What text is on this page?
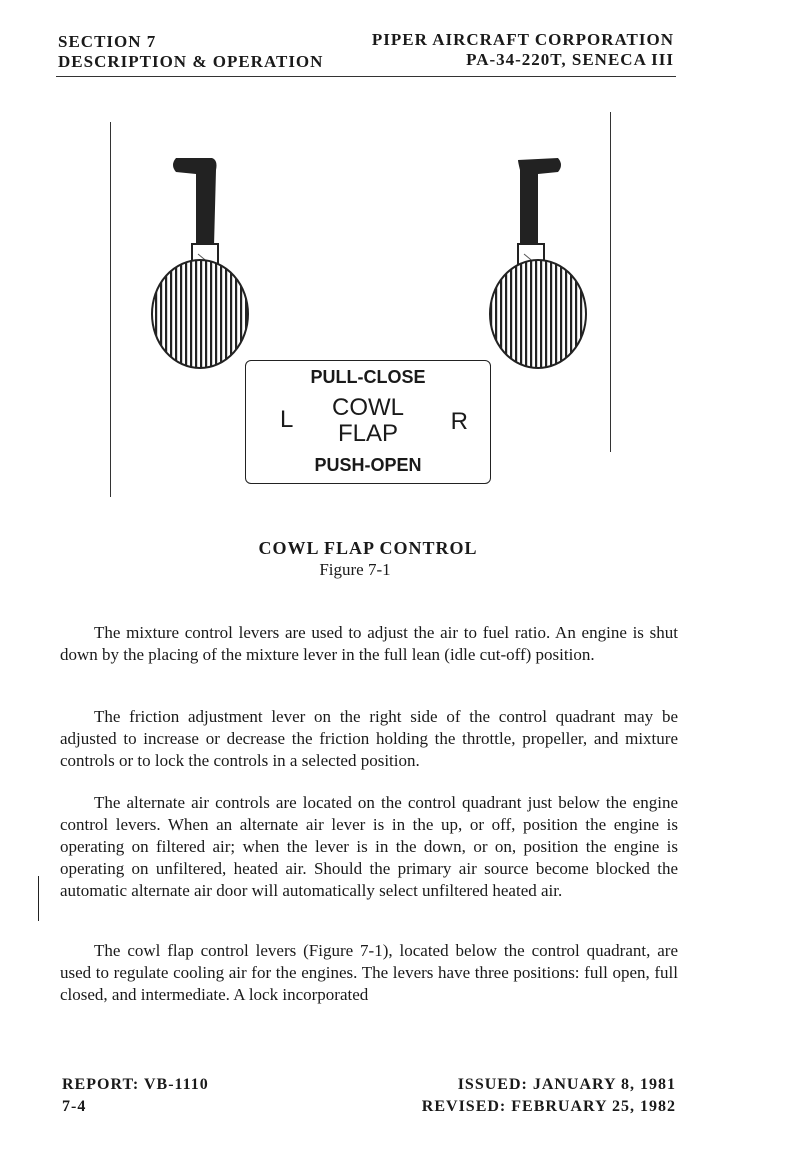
SECTION 7
DESCRIPTION & OPERATION
PIPER AIRCRAFT CORPORATION
PA-34-220T, SENECA III
PULL-CLOSE
L	COWL
FLAP	R
PUSH-OPEN
COWL FLAP CONTROL
Figure 7-1

The mixture control levers are used to adjust the air to fuel ratio. An engine is shut down by the placing of the mixture lever in the full lean (idle cut-off) position.

The friction adjustment lever on the right side of the control quadrant may be adjusted to increase or decrease the friction holding the throttle, propeller, and mixture controls or to lock the controls in a selected position.

The alternate air controls are located on the control quadrant just below the engine control levers. When an alternate air lever is in the up, or off, position the engine is operating on filtered air; when the lever is in the down, or on, position the engine is operating on unfiltered, heated air. Should the primary air source become blocked the automatic alternate air door will automatically select unfiltered heated air.

The cowl flap control levers (Figure 7-1), located below the control quadrant, are used to regulate cooling air for the engines. The levers have three positions: full open, full closed, and intermediate. A lock incorporated

REPORT: VB-1110
7-4
ISSUED: JANUARY 8, 1981
REVISED: FEBRUARY 25, 1982
